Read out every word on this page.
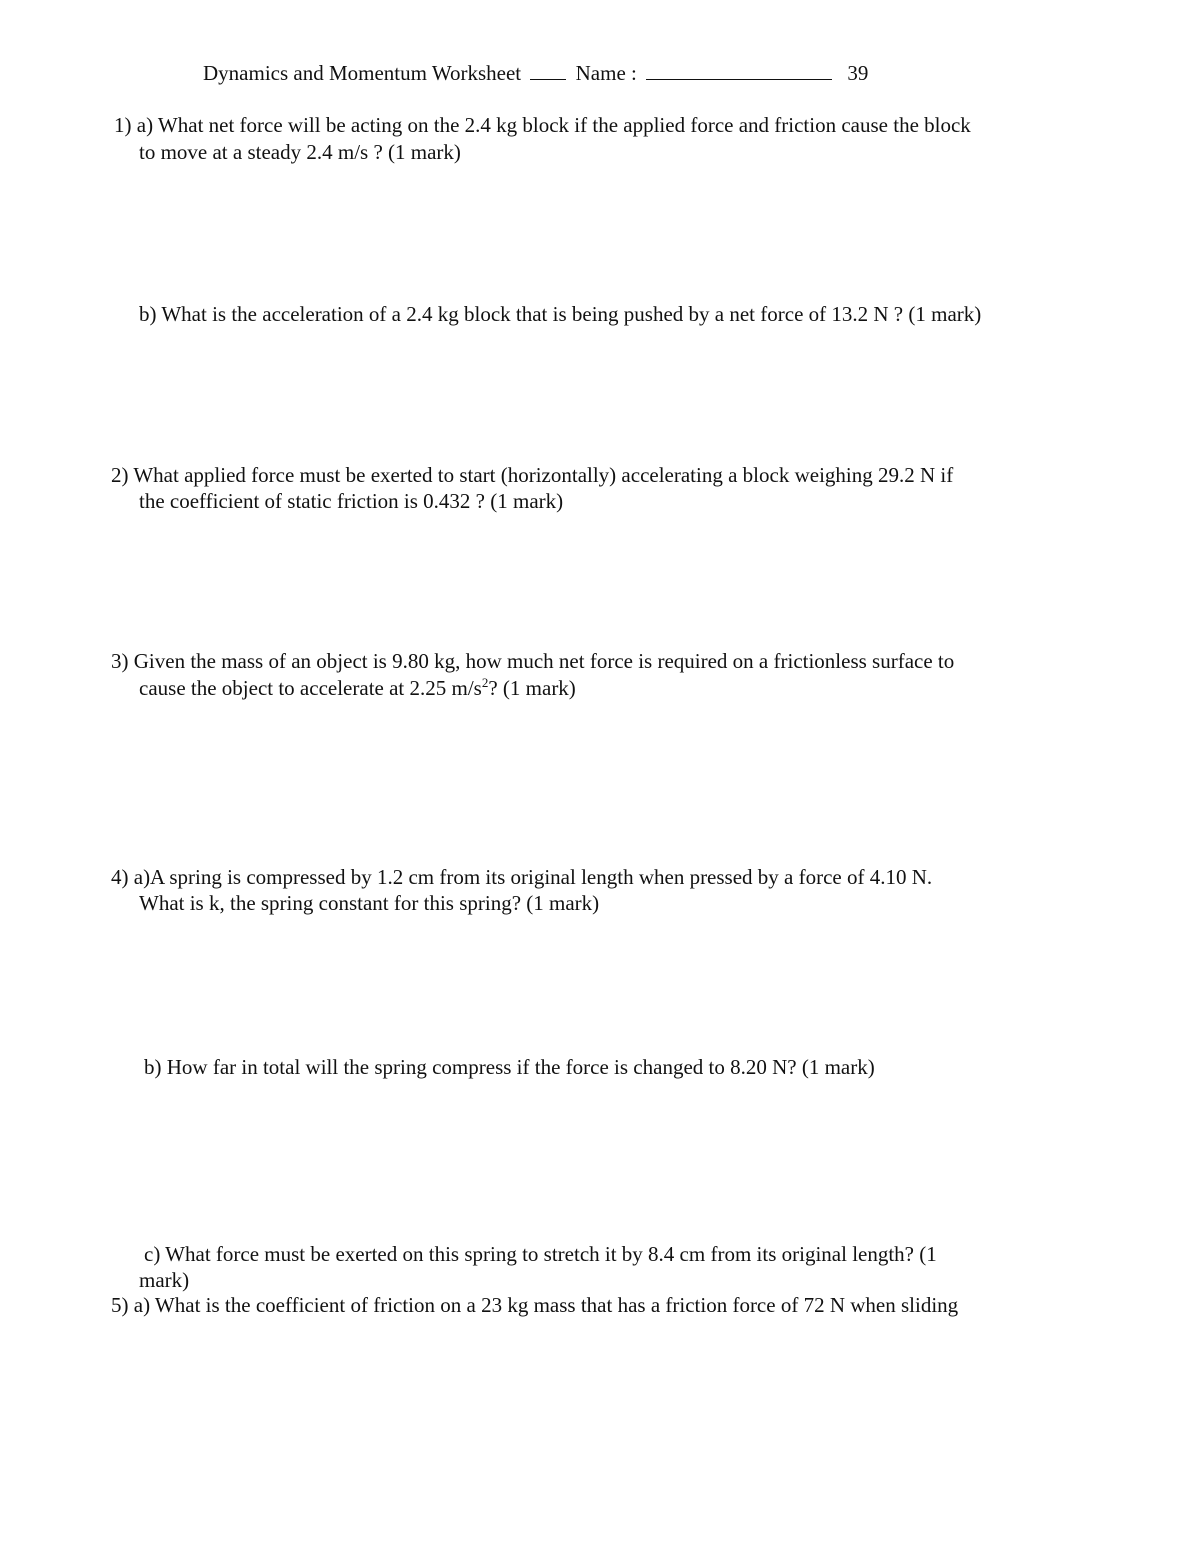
Dynamics and Momentum Worksheet	Name :	39
1) a) What net force will be acting on the 2.4 kg block if the applied force and friction cause the block
to move at a steady 2.4 m/s ? (1 mark)
b) What is the acceleration of a 2.4 kg block that is being pushed by a net force of 13.2 N ? (1 mark)
2) What applied force must be exerted to start (horizontally) accelerating a block weighing 29.2 N if
the coefficient of static friction is 0.432 ? (1 mark)
3) Given the mass of an object is 9.80 kg, how much net force is required on a frictionless surface to
cause the object to accelerate at 2.25 $m/s^2$? (1 mark)
4) a)A spring is compressed by 1.2 cm from its original length when pressed by a force of 4.10 N.
What is k, the spring constant for this spring? (1 mark)
b) How far in total will the spring compress if the force is changed to 8.20 N? (1 mark)
c) What force must be exerted on this spring to stretch it by 8.4 cm from its original length? (1
mark)
5) a) What is the coefficient of friction on a 23 kg mass that has a friction force of 72 N when sliding
